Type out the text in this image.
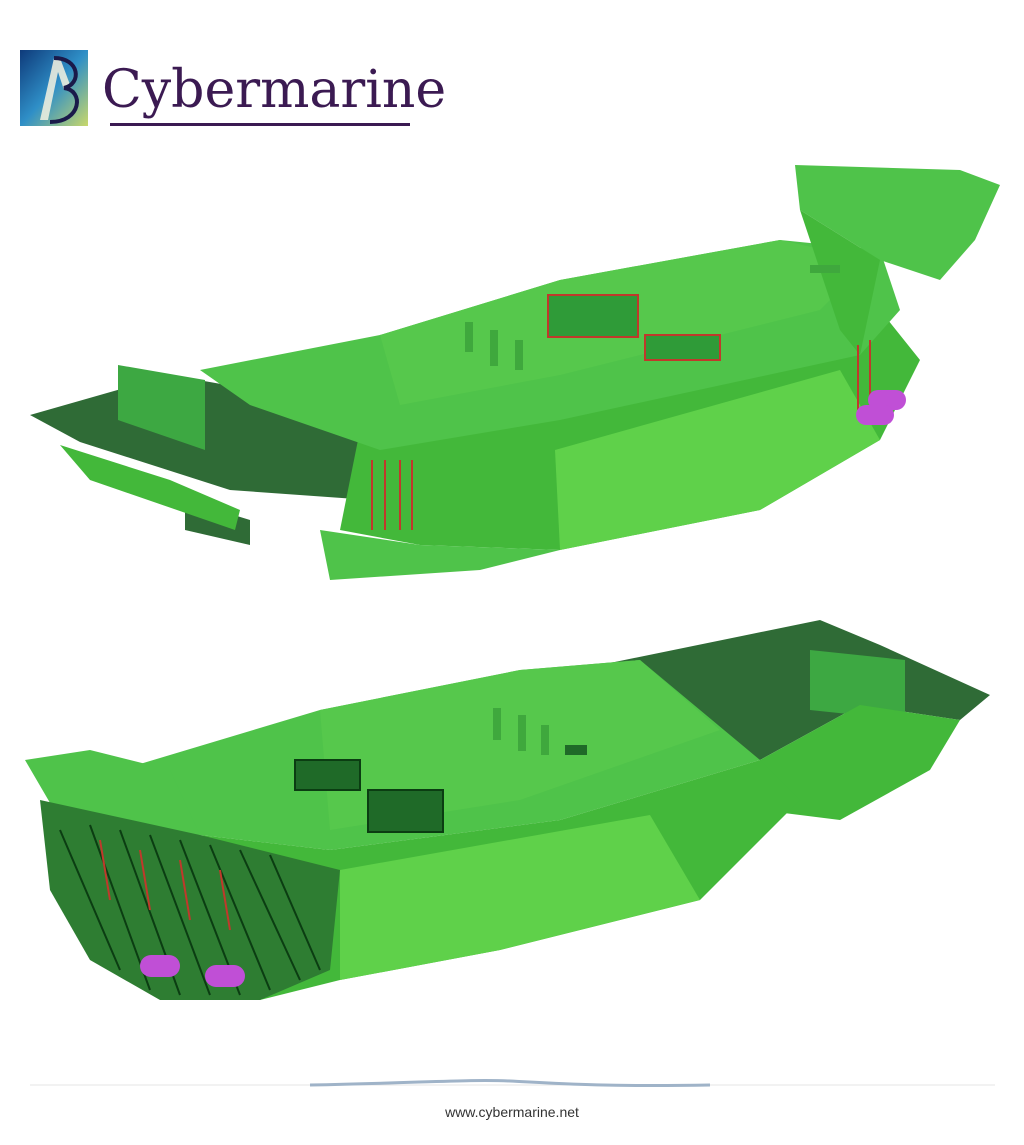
Cybermarine
www.cybermarine.net
